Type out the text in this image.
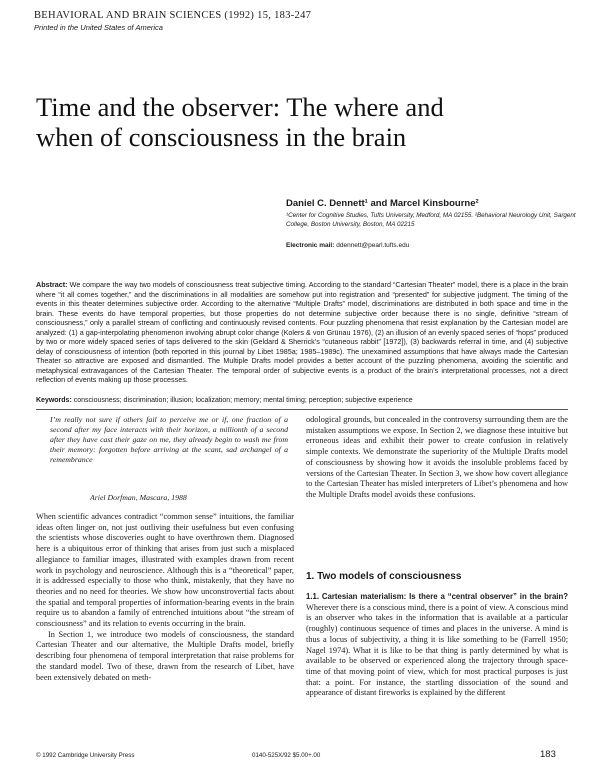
BEHAVIORAL AND BRAIN SCIENCES (1992) 15, 183-247
Printed in the United States of America
Time and the observer: The where and when of consciousness in the brain
Daniel C. Dennett¹ and Marcel Kinsbourne²
¹Center for Cognitive Studies, Tufts University, Medford, MA 02155. ²Behavioral Neurology Unit, Sargent College, Boston University, Boston, MA 02215
Electronic mail: ddennett@pearl.tufts.edu
Abstract: We compare the way two models of consciousness treat subjective timing. According to the standard “Cartesian Theater” model, there is a place in the brain where “it all comes together,” and the discriminations in all modalities are somehow put into registration and “presented” for subjective judgment. The timing of the events in this theater determines subjective order. According to the alternative “Multiple Drafts” model, discriminations are distributed in both space and time in the brain. These events do have temporal properties, but those properties do not determine subjective order because there is no single, definitive “stream of consciousness,” only a parallel stream of conflicting and continuously revised contents. Four puzzling phenomena that resist explanation by the Cartesian model are analyzed: (1) a gap-interpolating phenomenon involving abrupt color change (Kolers & von Grünau 1976), (2) an illusion of an evenly spaced series of “hops” produced by two or more widely spaced series of taps delivered to the skin (Geldard & Sherrick’s “cutaneous rabbit” [1972]), (3) backwards referral in time, and (4) subjective delay of consciousness of intention (both reported in this journal by Libet 1985a; 1985–1989c). The unexamined assumptions that have always made the Cartesian Theater so attractive are exposed and dismantled. The Multiple Drafts model provides a better account of the puzzling phenomena, avoiding the scientific and metaphysical extravagances of the Cartesian Theater. The temporal order of subjective events is a product of the brain’s interpretational processes, not a direct reflection of events making up those processes.
Keywords: consciousness; discrimination; illusion; localization; memory; mental timing; perception; subjective experience
I’m really not sure if others fail to perceive me or if, one fraction of a second after my face interacts with their horizon, a millionth of a second after they have cast their gaze on me, they already begin to wash me from their memory: forgotten before arriving at the scant, sad archangel of a remembrance
Ariel Dorfman, Mascara, 1988

When scientific advances contradict “common sense” intuitions, the familiar ideas often linger on, not just outliving their usefulness but even confusing the scientists whose discoveries ought to have overthrown them. Diagnosed here is a ubiquitous error of thinking that arises from just such a misplaced allegiance to familiar images, illustrated with examples drawn from recent work in psychology and neuroscience. Although this is a “theoretical” paper, it is addressed especially to those who think, mistakenly, that they have no theories and no need for theories. We show how unconstrovertial facts about the spatial and temporal properties of information-bearing events in the brain require us to abandon a family of entrenched intuitions about “the stream of consciousness” and its relation to events occurring in the brain.

In Section 1, we introduce two models of consciousness, the standard Cartesian Theater and our alternative, the Multiple Drafts model, briefly describing four phenomena of temporal interpretation that raise problems for the standard model. Two of these, drawn from the research of Libet, have been extensively debated on meth-

odological grounds, but concealed in the controversy surrounding them are the mistaken assumptions we expose. In Section 2, we diagnose these intuitive but erroneous ideas and exhibit their power to create confusion in relatively simple contexts. We demonstrate the superiority of the Multiple Drafts model of consciousness by showing how it avoids the insoluble problems faced by versions of the Cartesian Theater. In Section 3, we show how covert allegiance to the Cartesian Theater has misled interpreters of Libet’s phenomena and how the Multiple Drafts model avoids these confusions.

1. Two models of consciousness

1.1. Cartesian materialism: Is there a “central observer” in the brain? Wherever there is a conscious mind, there is a point of view. A conscious mind is an observer who takes in the information that is available at a particular (roughly) continuous sequence of times and places in the universe. A mind is thus a locus of subjectivity, a thing it is like something to be (Farrell 1950; Nagel 1974). What it is like to be that thing is partly determined by what is available to be observed or experienced along the trajectory through space-time of that moving point of view, which for most practical purposes is just that: a point. For instance, the startling dissociation of the sound and appearance of distant fireworks is explained by the different

© 1992 Cambridge University Press	0140-525X/92 $5.00+.00	183
